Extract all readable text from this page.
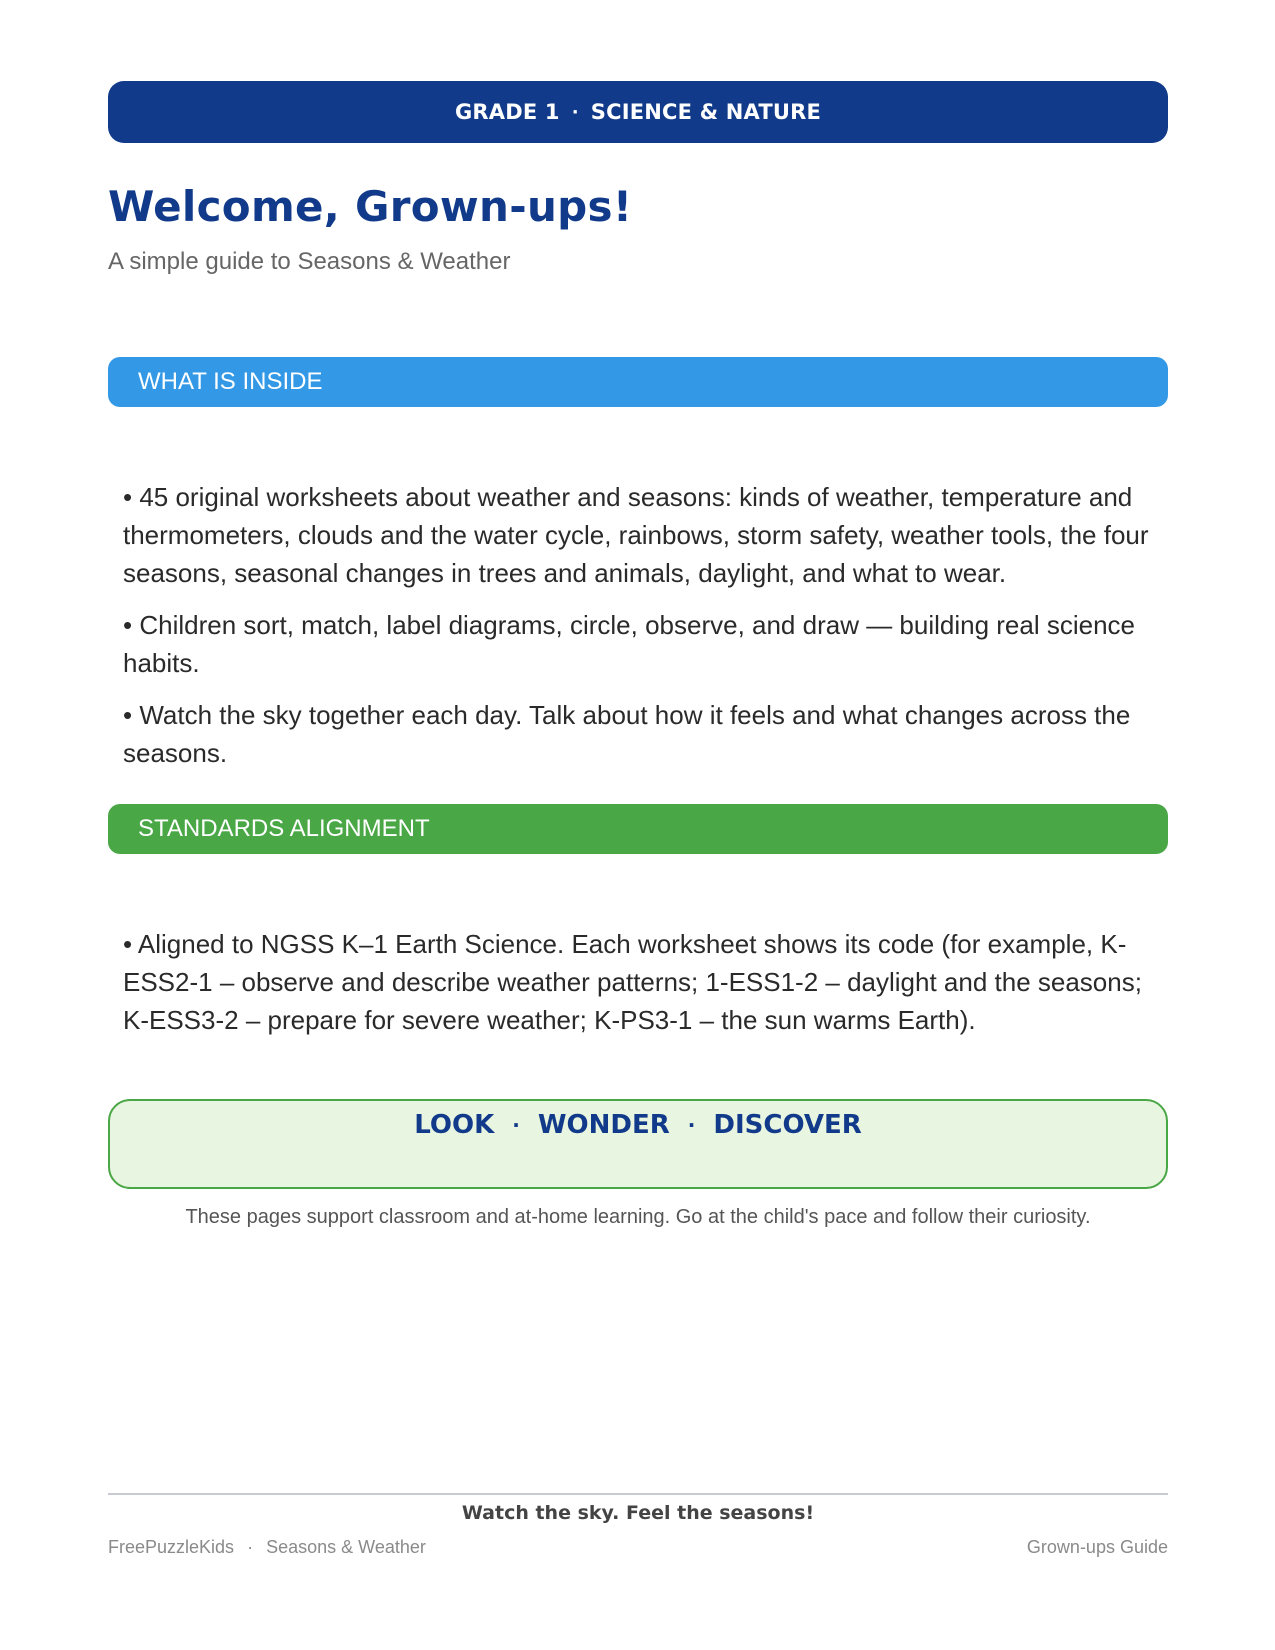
GRADE 1 · SCIENCE & NATURE
Welcome, Grown-ups!
A simple guide to Seasons & Weather
WHAT IS INSIDE

• 45 original worksheets about weather and seasons: kinds of weather, temperature and thermometers, clouds and the water cycle, rainbows, storm safety, weather tools, the four seasons, seasonal changes in trees and animals, daylight, and what to wear.

• Children sort, match, label diagrams, circle, observe, and draw — building real science habits.

• Watch the sky together each day. Talk about how it feels and what changes across the seasons.

STANDARDS ALIGNMENT

• Aligned to NGSS K–1 Earth Science. Each worksheet shows its code (for example, K-ESS2-1 – observe and describe weather patterns; 1-ESS1-2 – daylight and the seasons; K-ESS3-2 – prepare for severe weather; K-PS3-1 – the sun warms Earth).

LOOK · WONDER · DISCOVER
These pages support classroom and at-home learning. Go at the child's pace and follow their curiosity.
Watch the sky. Feel the seasons!
FreePuzzleKids · Seasons & Weather	Grown-ups Guide
